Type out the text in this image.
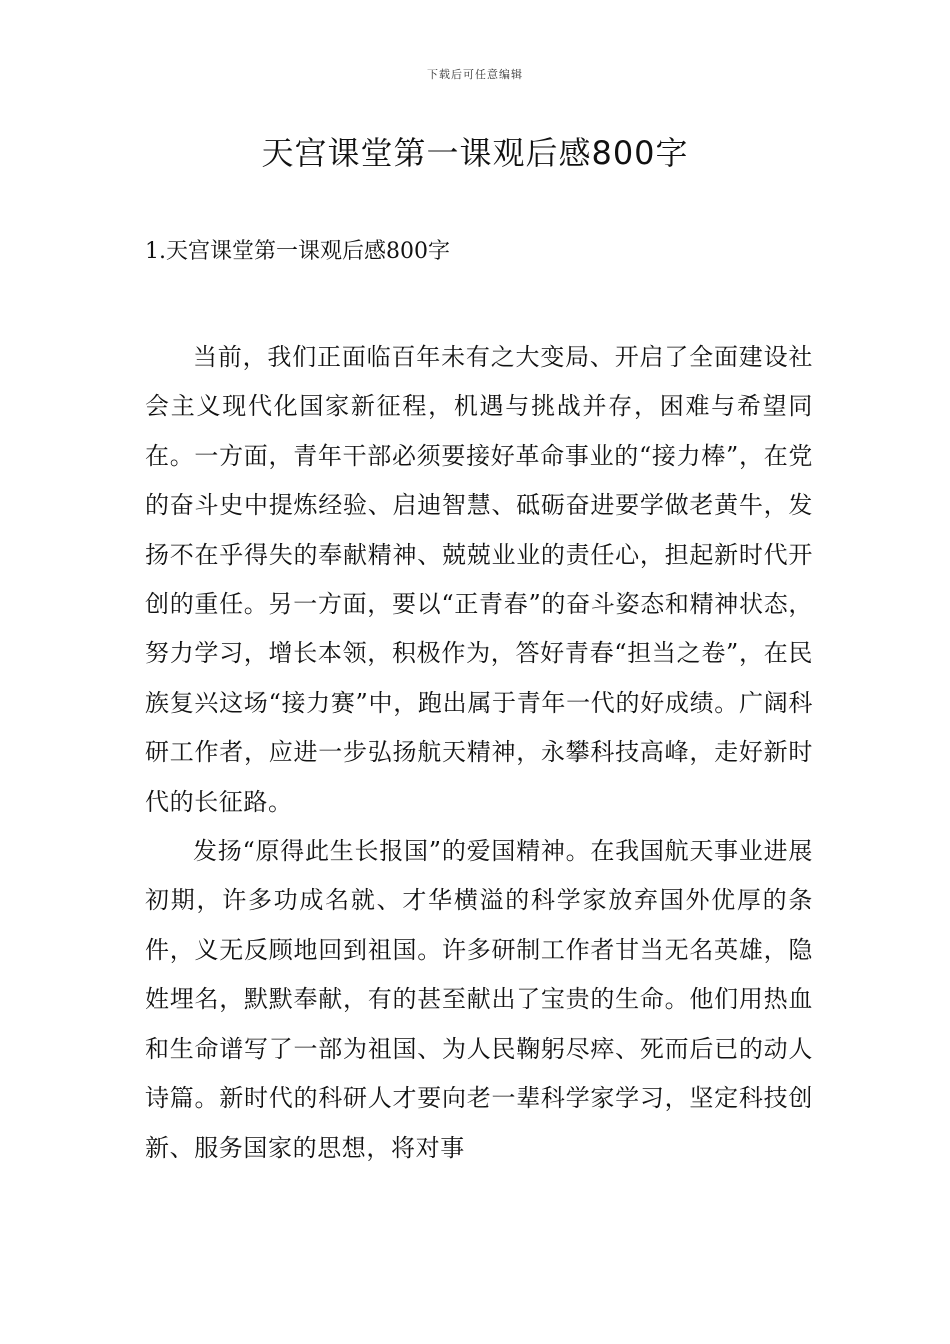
下载后可任意编辑
天宫课堂第一课观后感800字
1.天宫课堂第一课观后感800字

当前，我们正面临百年未有之大变局、开启了全面建设社会主义现代化国家新征程，机遇与挑战并存，困难与希望同在。一方面，青年干部必须要接好革命事业的“接力棒”，在党的奋斗史中提炼经验、启迪智慧、砥砺奋进要学做老黄牛，发扬不在乎得失的奉献精神、兢兢业业的责任心，担起新时代开创的重任。另一方面，要以“正青春”的奋斗姿态和精神状态，努力学习，增长本领，积极作为，答好青春“担当之卷”，在民族复兴这场“接力赛”中，跑出属于青年一代的好成绩。广阔科研工作者，应进一步弘扬航天精神，永攀科技高峰，走好新时代的长征路。

发扬“原得此生长报国”的爱国精神。在我国航天事业进展初期，许多功成名就、才华横溢的科学家放弃国外优厚的条件，义无反顾地回到祖国。许多研制工作者甘当无名英雄，隐姓埋名，默默奉献，有的甚至献出了宝贵的生命。他们用热血和生命谱写了一部为祖国、为人民鞠躬尽瘁、死而后已的动人诗篇。新时代的科研人才要向老一辈科学家学习，坚定科技创新、服务国家的思想，将对事
